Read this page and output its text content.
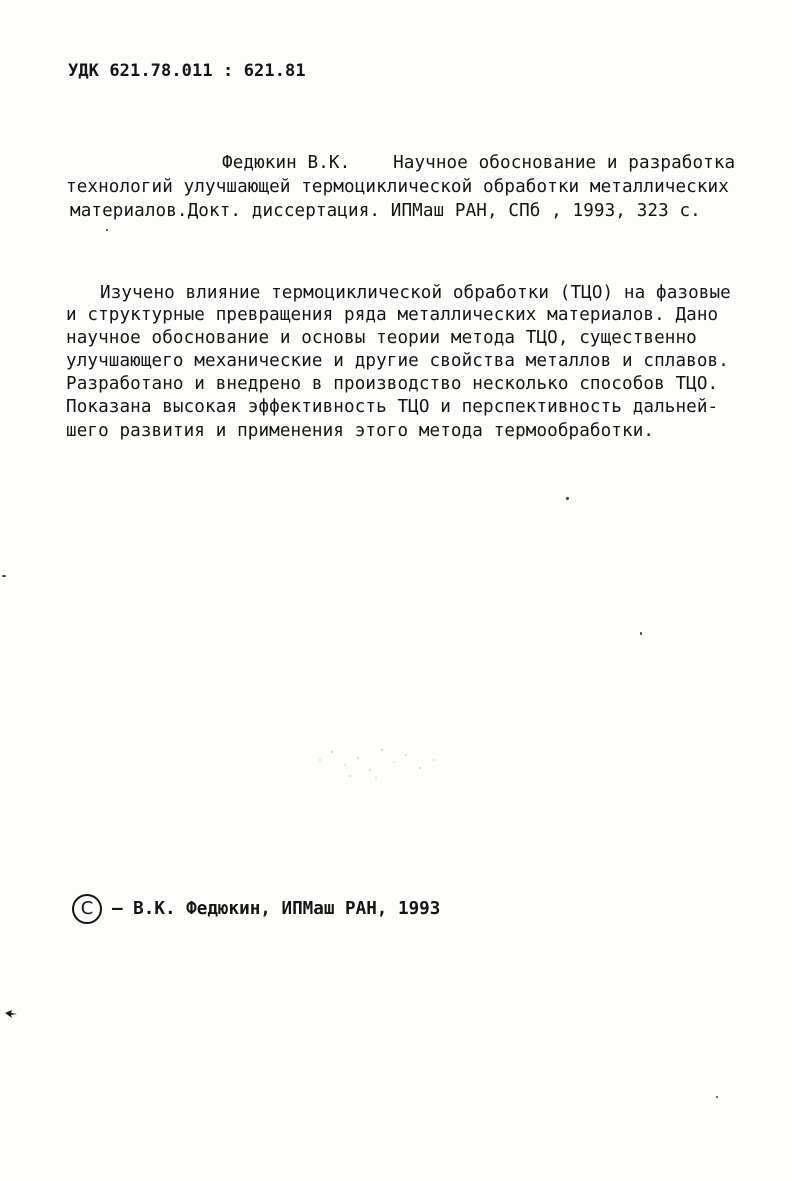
УДК 621.78.011 : 621.81

Федюкин В.К.    Научное обоснование и разработка

технологий улучшающей термоциклической обработки металлических

материалов.Докт. диссертация. ИПМаш РАН, СПб , 1993, 323 с.

Изучено влияние термоциклической обработки (ТЦО) на фазовые

и структурные превращения ряда металлических материалов. Дано

научное обоснование и основы теории метода ТЦО, существенно

улучшающего механические и другие свойства металлов и сплавов.

Разработано и внедрено в производство несколько способов ТЦО.

Показана высокая эффективность ТЦО и перспективность дальней-

шего развития и применения этого метода термообработки.

C	– В.К. Федюкин, ИПМаш РАН, 1993
